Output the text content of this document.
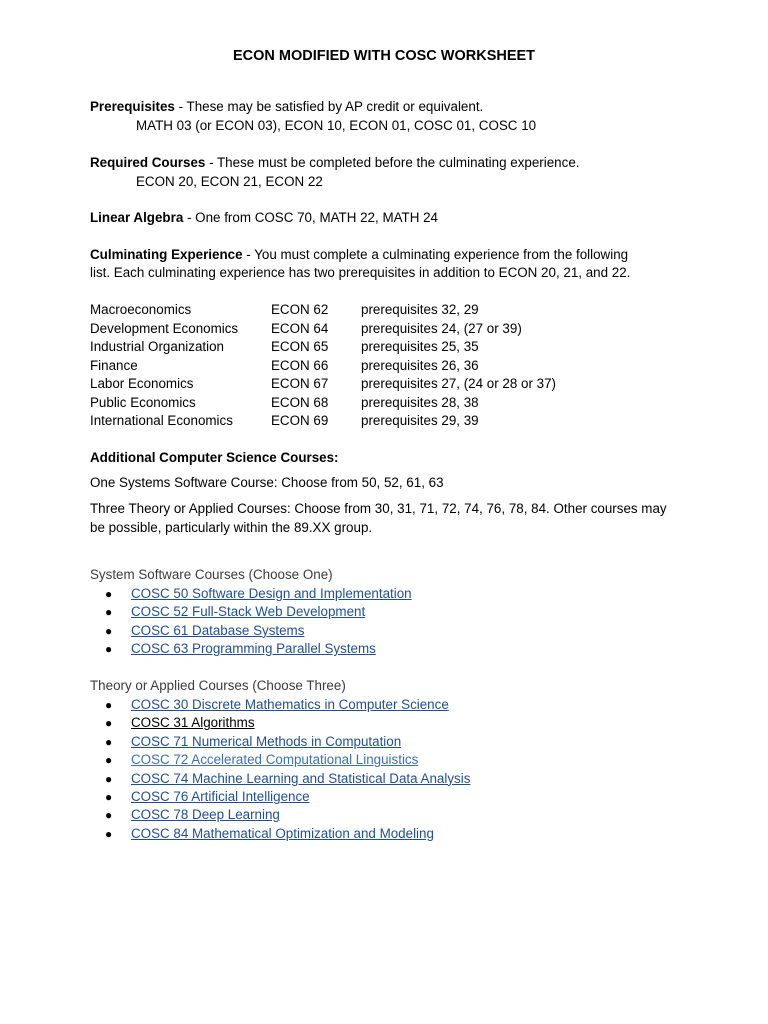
ECON MODIFIED WITH COSC WORKSHEET
Prerequisites - These may be satisfied by AP credit or equivalent.
MATH 03 (or ECON 03), ECON 10, ECON 01, COSC 01, COSC 10
Required Courses - These must be completed before the culminating experience.
ECON 20, ECON 21, ECON 22
Linear Algebra - One from COSC 70, MATH 22, MATH 24
Culminating Experience - You must complete a culminating experience from the following
list. Each culminating experience has two prerequisites in addition to ECON 20, 21, and 22.
Macroeconomics	ECON 62 prerequisites 32, 29
Development Economics ECON 64 prerequisites 24, (27 or 39)
Industrial Organization	ECON 65 prerequisites 25, 35
Finance	ECON 66 prerequisites 26, 36
Labor Economics	ECON 67 prerequisites 27, (24 or 28 or 37)
Public Economics	ECON 68 prerequisites 28, 38
International Economics	ECON 69 prerequisites 29, 39
Additional Computer Science Courses:
One Systems Software Course: Choose from 50, 52, 61, 63
Three Theory or Applied Courses: Choose from 30, 31, 71, 72, 74, 76, 78, 84. Other courses may
be possible, particularly within the 89.XX group.
System Software Courses (Choose One)
● COSC 50 Software Design and Implementation
● COSC 52 Full-Stack Web Development
● COSC 61 Database Systems
● COSC 63 Programming Parallel Systems
Theory or Applied Courses (Choose Three)
● COSC 30 Discrete Mathematics in Computer Science
● COSC 31 Algorithms
● COSC 71 Numerical Methods in Computation
● COSC 72 Accelerated Computational Linguistics
● COSC 74 Machine Learning and Statistical Data Analysis
● COSC 76 Artificial Intelligence
● COSC 78 Deep Learning
● COSC 84 Mathematical Optimization and Modeling
